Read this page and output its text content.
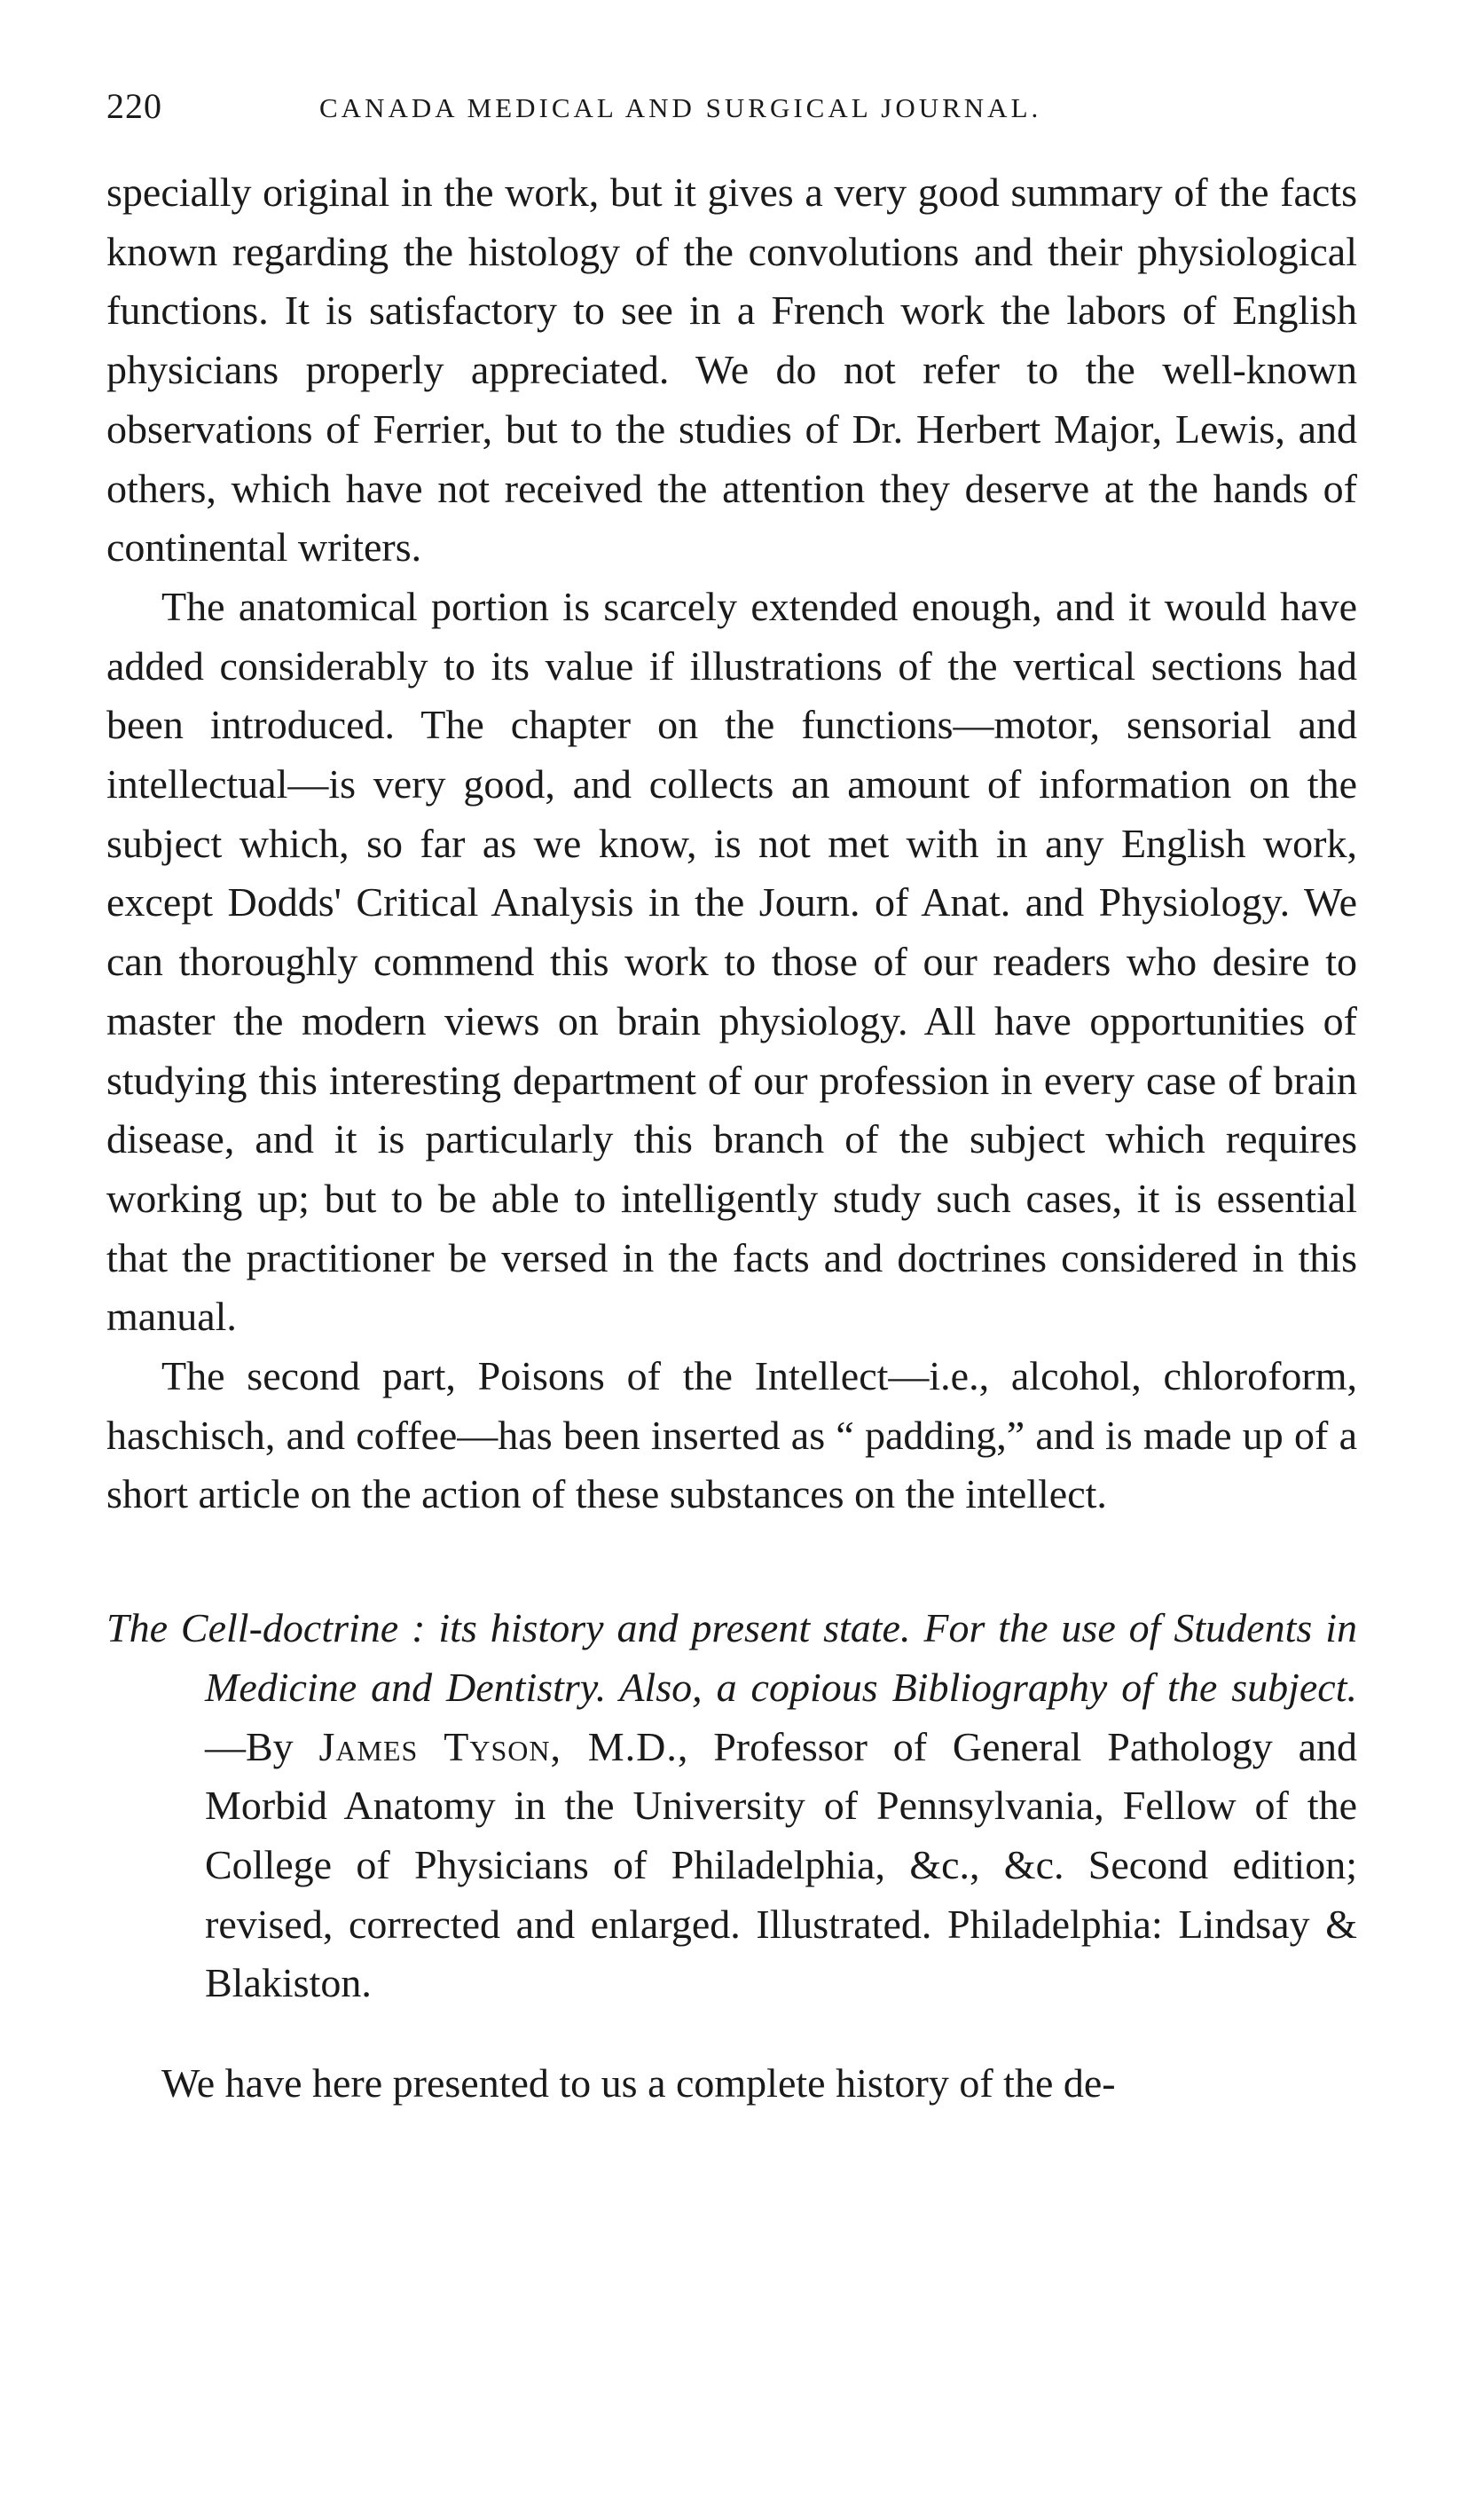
220	CANADA MEDICAL AND SURGICAL JOURNAL.

specially original in the work, but it gives a very good summary of the facts known regarding the histology of the convolutions and their physiological functions. It is satisfactory to see in a French work the labors of English physicians properly appreciated. We do not refer to the well-known observations of Ferrier, but to the studies of Dr. Herbert Major, Lewis, and others, which have not received the attention they deserve at the hands of continental writers.

The anatomical portion is scarcely extended enough, and it would have added considerably to its value if illustrations of the vertical sections had been introduced. The chapter on the functions—motor, sensorial and intellectual—is very good, and collects an amount of information on the subject which, so far as we know, is not met with in any English work, except Dodds' Critical Analysis in the Journ. of Anat. and Physiology. We can thoroughly commend this work to those of our readers who desire to master the modern views on brain physiology. All have opportunities of studying this interesting department of our profession in every case of brain disease, and it is particularly this branch of the subject which requires working up; but to be able to intelligently study such cases, it is essential that the practitioner be versed in the facts and doctrines considered in this manual.

The second part, Poisons of the Intellect—i.e., alcohol, chloroform, haschisch, and coffee—has been inserted as “ padding,” and is made up of a short article on the action of these substances on the intellect.

The Cell-doctrine : its history and present state. For the use of Students in Medicine and Dentistry. Also, a copious Bibliography of the subject.—By James Tyson, M.D., Professor of General Pathology and Morbid Anatomy in the University of Pennsylvania, Fellow of the College of Physicians of Philadelphia, &c., &c. Second edition; revised, corrected and enlarged. Illustrated. Philadelphia: Lindsay & Blakiston.

We have here presented to us a complete history of the de-
